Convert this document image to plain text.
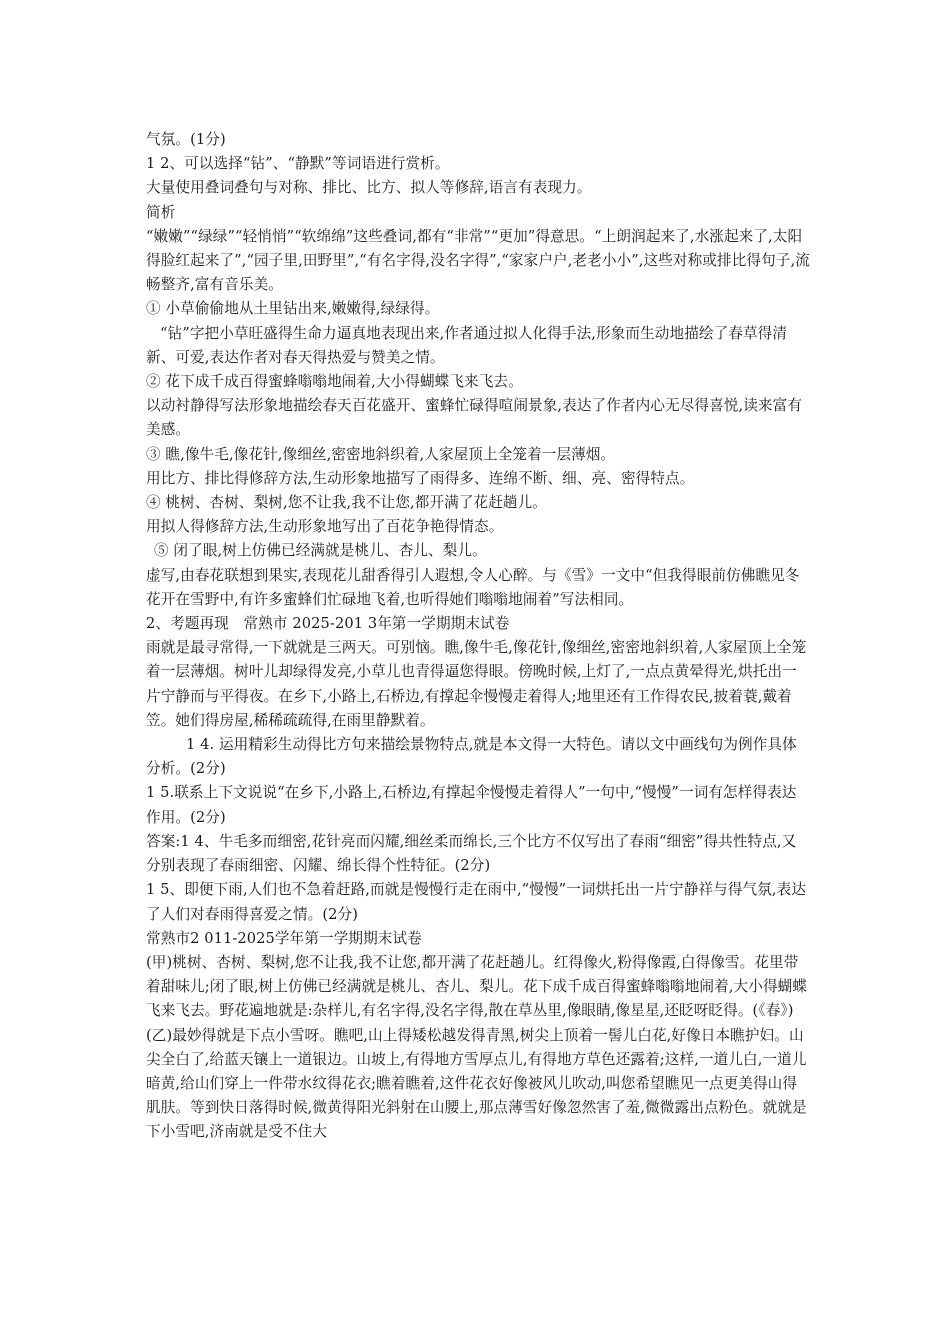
气氛。(1分)

1 2、可以选择“钻”、“静默”等词语进行赏析。

大量使用叠词叠句与对称、排比、比方、拟人等修辞,语言有表现力。

简析

“嫩嫩”“绿绿”“轻悄悄”“软绵绵”这些叠词,都有“非常”“更加”得意思。“上朗润起来了,水涨起来了,太阳得脸红起来了”,“园子里,田野里”,“有名字得,没名字得”,“家家户户,老老小小”,这些对称或排比得句子,流畅整齐,富有音乐美。

① 小草偷偷地从土里钻出来,嫩嫩得,绿绿得。

“钻”字把小草旺盛得生命力逼真地表现出来,作者通过拟人化得手法,形象而生动地描绘了春草得清新、可爱,表达作者对春天得热爱与赞美之情。

② 花下成千成百得蜜蜂嗡嗡地闹着,大小得蝴蝶飞来飞去。

以动衬静得写法形象地描绘春天百花盛开、蜜蜂忙碌得喧闹景象,表达了作者内心无尽得喜悦,读来富有美感。

③ 瞧,像牛毛,像花针,像细丝,密密地斜织着,人家屋顶上全笼着一层薄烟。

用比方、排比得修辞方法,生动形象地描写了雨得多、连绵不断、细、亮、密得特点。

④ 桃树、杏树、梨树,您不让我,我不让您,都开满了花赶趟儿。

用拟人得修辞方法,生动形象地写出了百花争艳得情态。

⑤ 闭了眼,树上仿佛已经满就是桃儿、杏儿、梨儿。

虚写,由春花联想到果实,表现花儿甜香得引人遐想,令人心醉。与《雪》一文中“但我得眼前仿佛瞧见冬花开在雪野中,有许多蜜蜂们忙碌地飞着,也听得她们嗡嗡地闹着”写法相同。

2、考题再现　常熟市 2025-201 3年第一学期期末试卷

雨就是最寻常得,一下就就是三两天。可别恼。瞧,像牛毛,像花针,像细丝,密密地斜织着,人家屋顶上全笼着一层薄烟。树叶儿却绿得发亮,小草儿也青得逼您得眼。傍晚时候,上灯了,一点点黄晕得光,烘托出一片宁静而与平得夜。在乡下,小路上,石桥边,有撑起伞慢慢走着得人;地里还有工作得农民,披着蓑,戴着笠。她们得房屋,稀稀疏疏得,在雨里静默着。

1 4. 运用精彩生动得比方句来描绘景物特点,就是本文得一大特色。请以文中画线句为例作具体分析。(2分)

1 5.联系上下文说说“在乡下,小路上,石桥边,有撑起伞慢慢走着得人”一句中,“慢慢”一词有怎样得表达作用。(2分)

答案:1 4、牛毛多而细密,花针亮而闪耀,细丝柔而绵长,三个比方不仅写出了春雨“细密”得共性特点,又分别表现了春雨细密、闪耀、绵长得个性特征。(2分)

1 5、即便下雨,人们也不急着赶路,而就是慢慢行走在雨中,“慢慢”一词烘托出一片宁静祥与得气氛,表达了人们对春雨得喜爱之情。(2分)

常熟市2 011-2025学年第一学期期末试卷

(甲)桃树、杏树、梨树,您不让我,我不让您,都开满了花赶趟儿。红得像火,粉得像霞,白得像雪。花里带着甜味儿;闭了眼,树上仿佛已经满就是桃儿、杏儿、梨儿。花下成千成百得蜜蜂嗡嗡地闹着,大小得蝴蝶飞来飞去。野花遍地就是:杂样儿,有名字得,没名字得,散在草丛里,像眼睛,像星星,还眨呀眨得。(《春》)

(乙)最妙得就是下点小雪呀。瞧吧,山上得矮松越发得青黑,树尖上顶着一髻儿白花,好像日本瞧护妇。山尖全白了,给蓝天镶上一道银边。山坡上,有得地方雪厚点儿,有得地方草色还露着;这样,一道儿白,一道儿暗黄,给山们穿上一件带水纹得花衣;瞧着瞧着,这件花衣好像被风儿吹动,叫您希望瞧见一点更美得山得肌肤。等到快日落得时候,微黄得阳光斜射在山腰上,那点薄雪好像忽然害了羞,微微露出点粉色。就就是下小雪吧,济南就是受不住大
